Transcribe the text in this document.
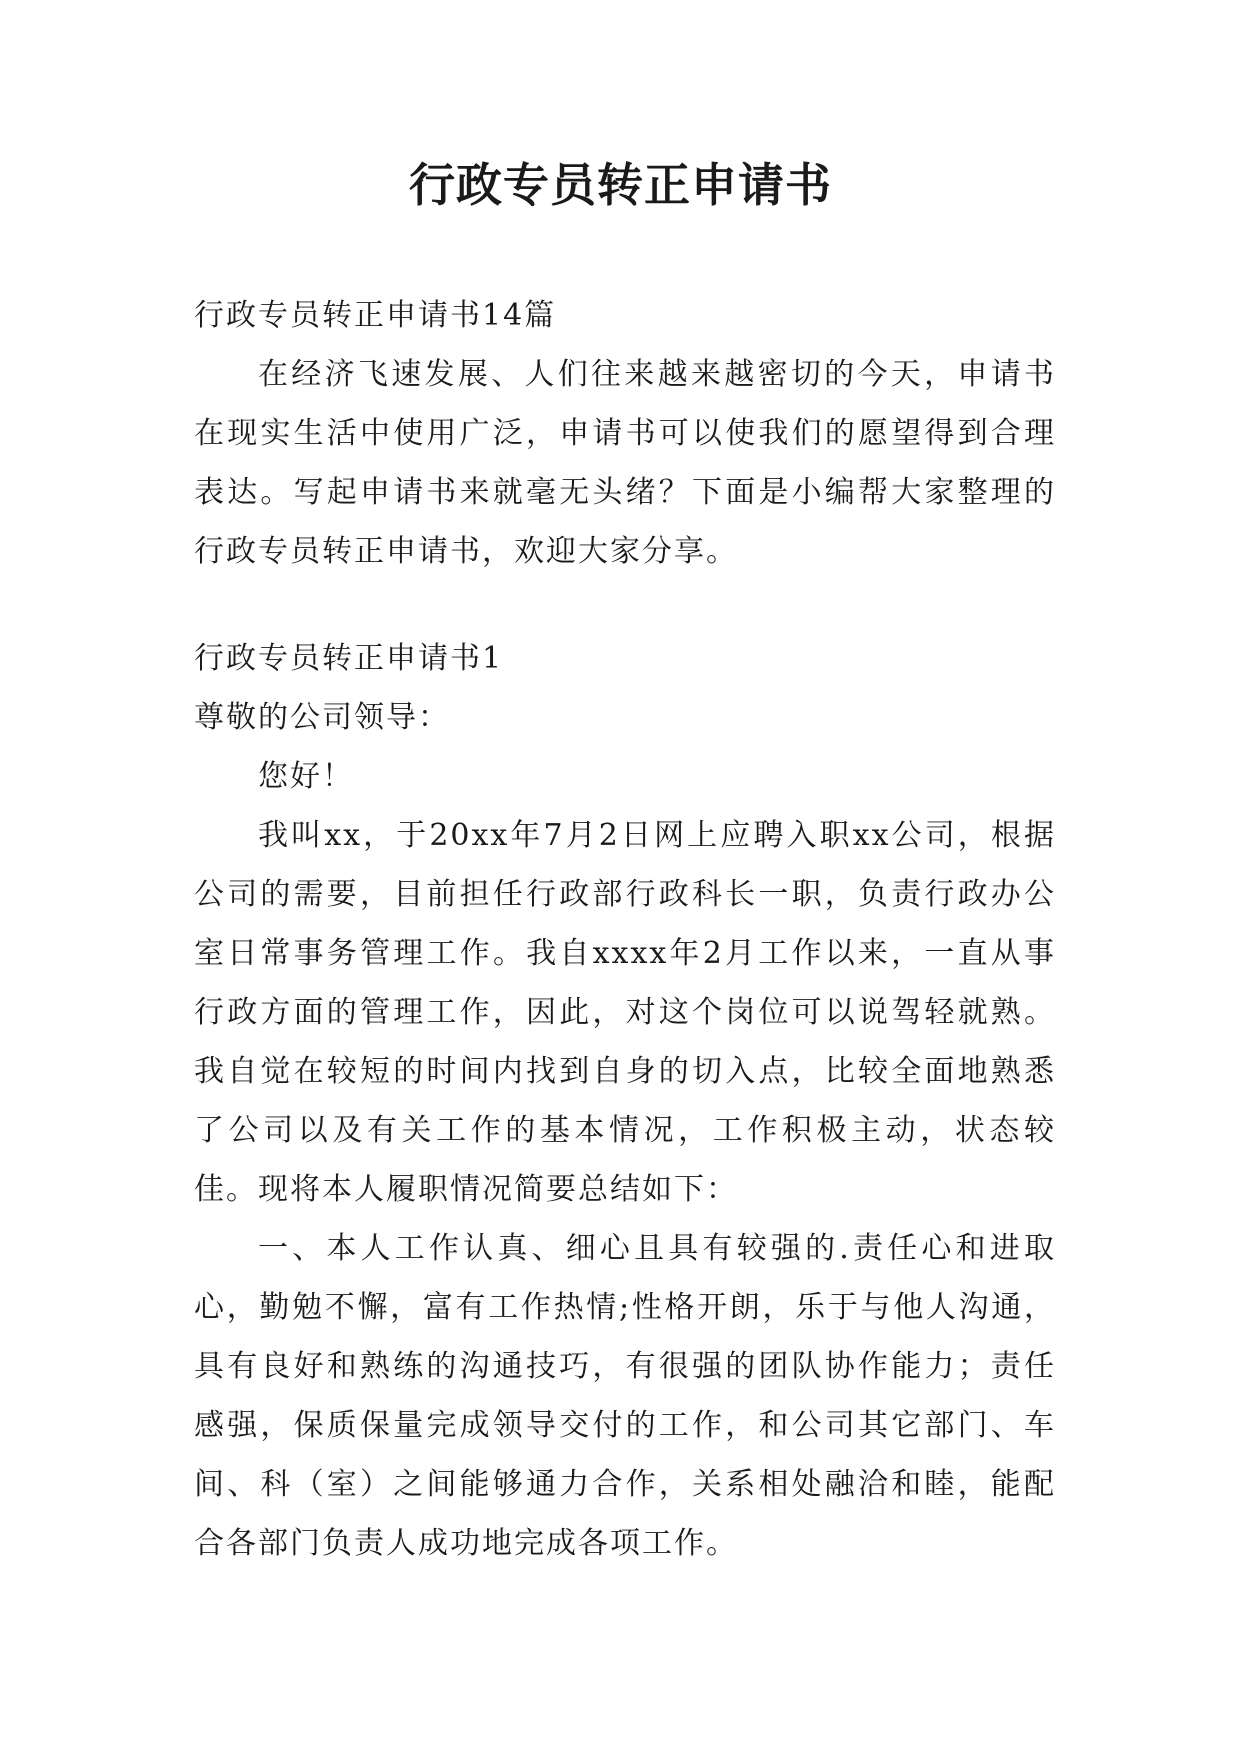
行政专员转正申请书

行政专员转正申请书14篇

在经济飞速发展、人们往来越来越密切的今天，申请书在现实生活中使用广泛，申请书可以使我们的愿望得到合理表达。写起申请书来就毫无头绪？下面是小编帮大家整理的行政专员转正申请书，欢迎大家分享。

行政专员转正申请书1

尊敬的公司领导：

您好！

我叫xx，于20xx年7月2日网上应聘入职xx公司，根据公司的需要，目前担任行政部行政科长一职，负责行政办公室日常事务管理工作。我自xxxx年2月工作以来，一直从事行政方面的管理工作，因此，对这个岗位可以说驾轻就熟。我自觉在较短的时间内找到自身的切入点，比较全面地熟悉了公司以及有关工作的基本情况，工作积极主动，状态较佳。现将本人履职情况简要总结如下：

一、本人工作认真、细心且具有较强的.责任心和进取心，勤勉不懈，富有工作热情;性格开朗，乐于与他人沟通，具有良好和熟练的沟通技巧，有很强的团队协作能力；责任感强，保质保量完成领导交付的工作，和公司其它部门、车间、科（室）之间能够通力合作，关系相处融洽和睦，能配合各部门负责人成功地完成各项工作。
